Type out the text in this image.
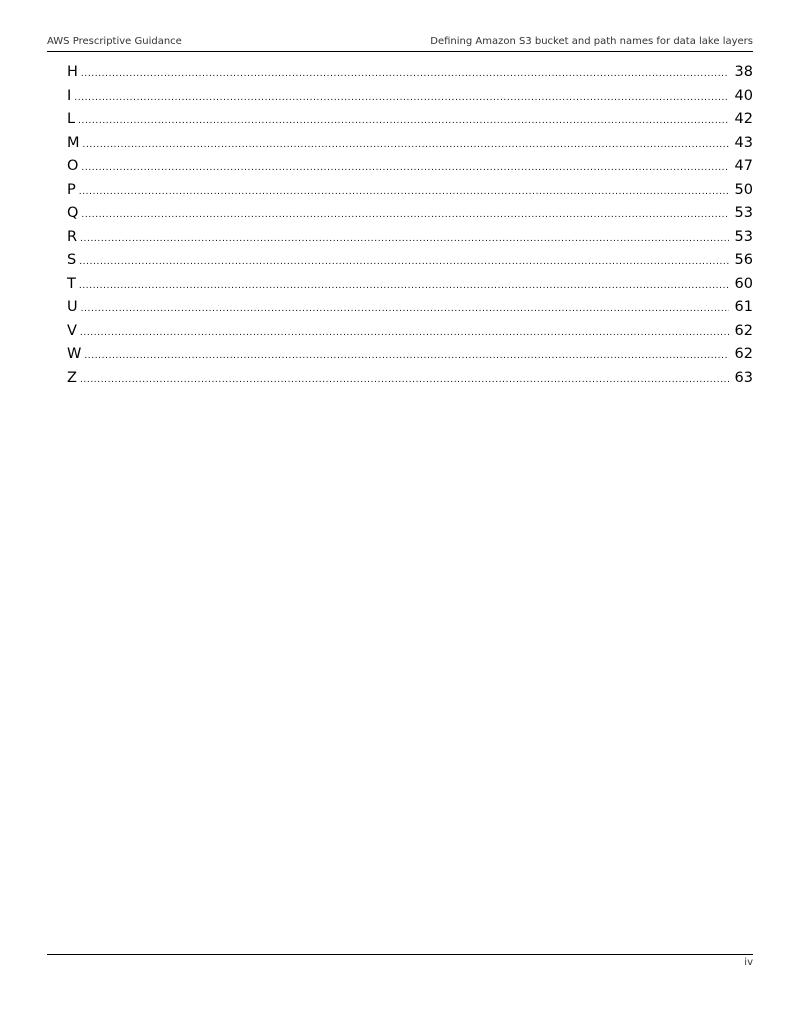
AWS Prescriptive Guidance	Defining Amazon S3 bucket and path names for data lake layers
H .....	38
I .....	40
L .....	42
M .....	43
O .....	47
P .....	50
Q .....	53
R .....	53
S .....	56
T .....	60
U .....	61
V .....	62
W .....	62
Z .....	63
iv
